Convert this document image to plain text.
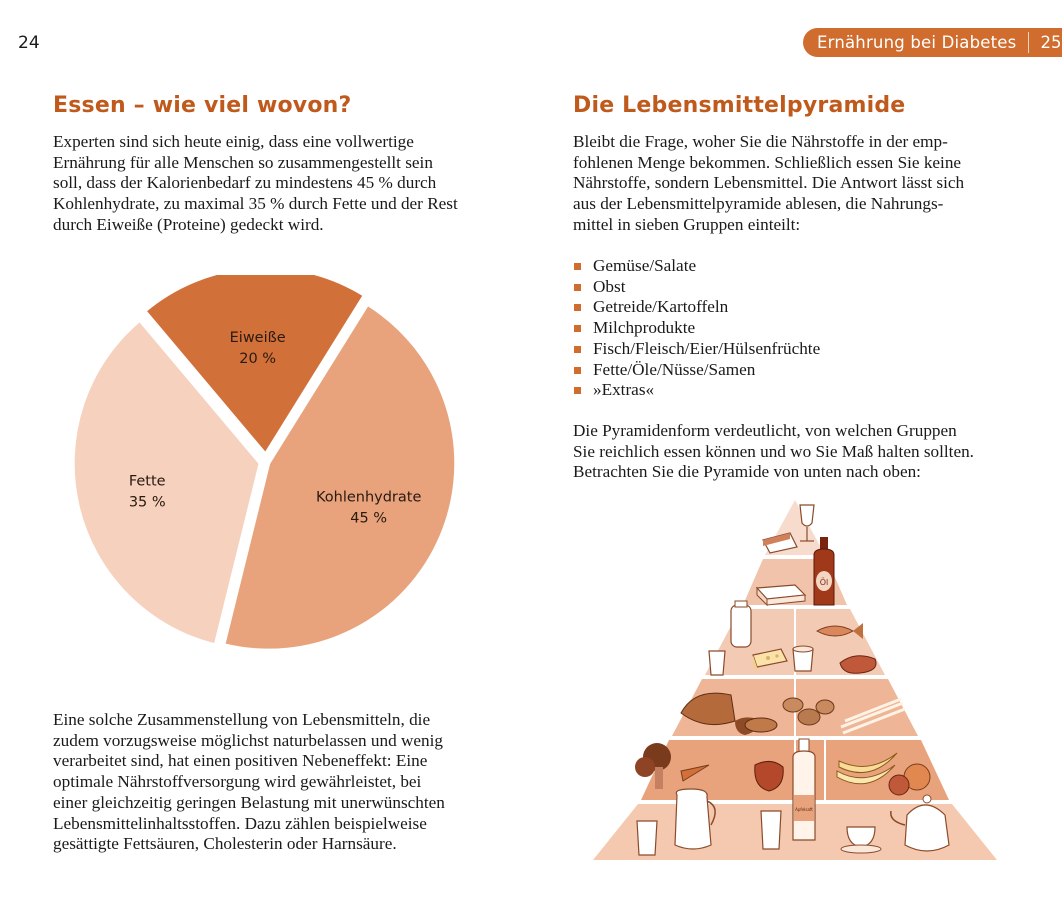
24	Ernährung bei Diabetes 25
Essen – wie viel wovon?
Experten sind sich heute einig, dass eine vollwertige
Ernährung für alle Menschen so zusammengestellt sein
soll, dass der Kalorienbedarf zu mindestens 45 % durch
Kohlenhydrate, zu maximal 35 % durch Fette und der Rest
durch Eiweiße (Proteine) gedeckt wird.
Eiweiße
20 %
Kohlenhydrate
45 %
Fette
35 %
Eine solche Zusammenstellung von Lebensmitteln, die
zudem vorzugsweise möglichst naturbelassen und wenig
verarbeitet sind, hat einen positiven Nebeneffekt: Eine
optimale Nährstoffversorgung wird gewährleistet, bei
einer gleichzeitig geringen Belastung mit unerwünschten
Lebensmittelinhaltsstoffen. Dazu zählen beispielweise
gesättigte Fettsäuren, Cholesterin oder Harnsäure.
Die Lebensmittelpyramide
Bleibt die Frage, woher Sie die Nährstoffe in der emp-
fohlenen Menge bekommen. Schließlich essen Sie keine
Nährstoffe, sondern Lebensmittel. Die Antwort lässt sich
aus der Lebensmittelpyramide ablesen, die Nahrungs-
mittel in sieben Gruppen einteilt:
Gemüse/Salate
Obst
Getreide/Kartoffeln
Milchprodukte
Fisch/Fleisch/Eier/Hülsenfrüchte
Fette/Öle/Nüsse/Samen
»Extras«
Die Pyramidenform verdeutlicht, von welchen Gruppen
Sie reichlich essen können und wo Sie Maß halten sollten.
Betrachten Sie die Pyramide von unten nach oben:
Öl
Apfelsaft
